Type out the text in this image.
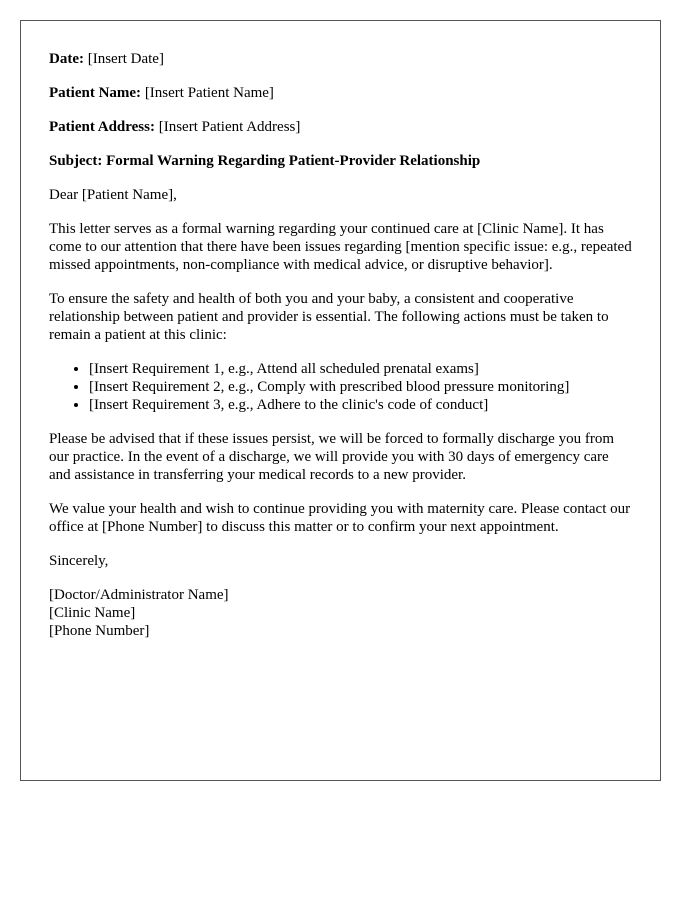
Date: [Insert Date]

Patient Name: [Insert Patient Name]

Patient Address: [Insert Patient Address]

Subject: Formal Warning Regarding Patient-Provider Relationship

Dear [Patient Name],

This letter serves as a formal warning regarding your continued care at [Clinic Name]. It has come to our attention that there have been issues regarding [mention specific issue: e.g., repeated missed appointments, non-compliance with medical advice, or disruptive behavior].

To ensure the safety and health of both you and your baby, a consistent and cooperative relationship between patient and provider is essential. The following actions must be taken to remain a patient at this clinic:

• [Insert Requirement 1, e.g., Attend all scheduled prenatal exams]
• [Insert Requirement 2, e.g., Comply with prescribed blood pressure monitoring]
• [Insert Requirement 3, e.g., Adhere to the clinic's code of conduct]

Please be advised that if these issues persist, we will be forced to formally discharge you from our practice. In the event of a discharge, we will provide you with 30 days of emergency care and assistance in transferring your medical records to a new provider.

We value your health and wish to continue providing you with maternity care. Please contact our office at [Phone Number] to discuss this matter or to confirm your next appointment.

Sincerely,

[Doctor/Administrator Name]
[Clinic Name]
[Phone Number]
